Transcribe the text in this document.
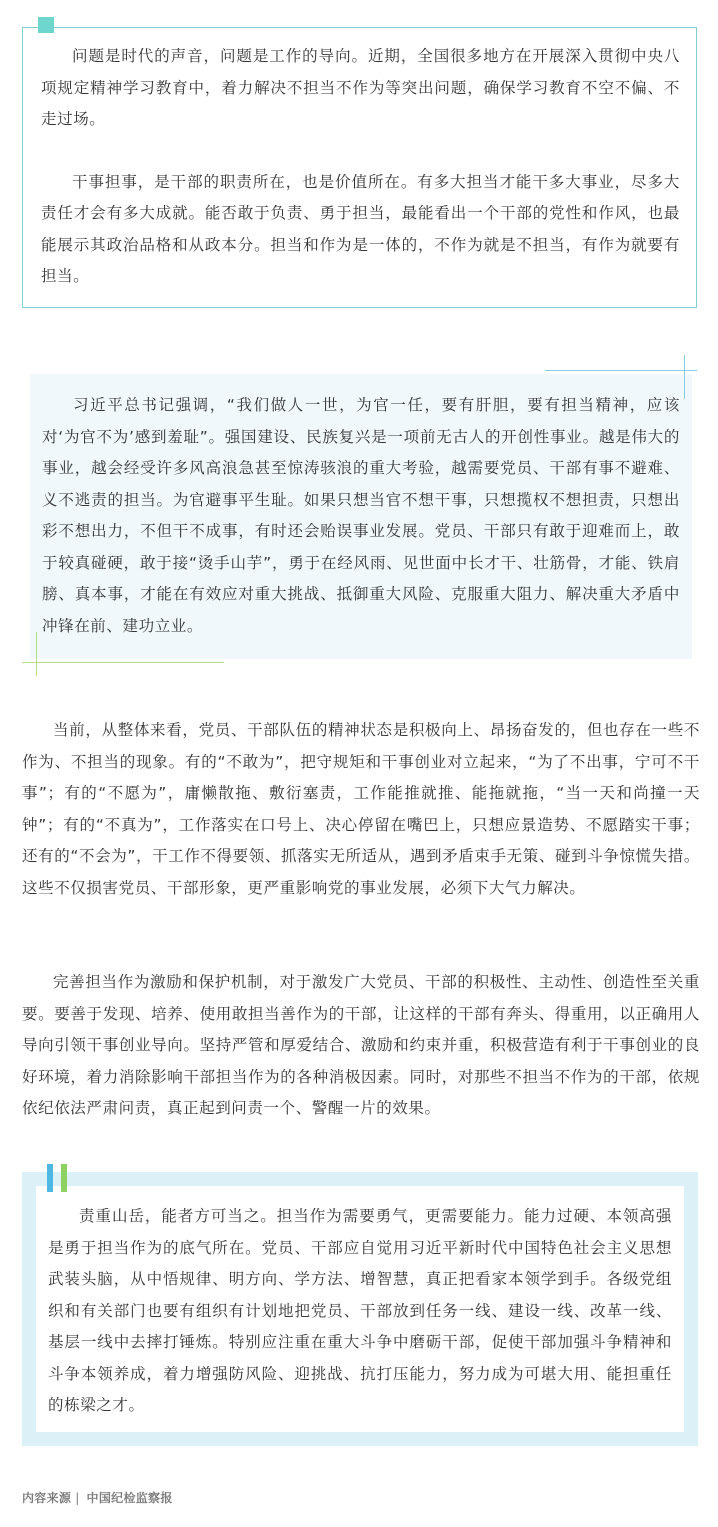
问题是时代的声音，问题是工作的导向。近期，全国很多地方在开展深入贯彻中央八项规定精神学习教育中，着力解决不担当不作为等突出问题，确保学习教育不空不偏、不走过场。

干事担事，是干部的职责所在，也是价值所在。有多大担当才能干多大事业，尽多大责任才会有多大成就。能否敢于负责、勇于担当，最能看出一个干部的党性和作风，也最能展示其政治品格和从政本分。担当和作为是一体的，不作为就是不担当，有作为就要有担当。

习近平总书记强调，“我们做人一世，为官一任，要有肝胆，要有担当精神，应该对‘为官不为’感到羞耻”。强国建设、民族复兴是一项前无古人的开创性事业。越是伟大的事业，越会经受许多风高浪急甚至惊涛骇浪的重大考验，越需要党员、干部有事不避难、义不逃责的担当。为官避事平生耻。如果只想当官不想干事，只想揽权不想担责，只想出彩不想出力，不但干不成事，有时还会贻误事业发展。党员、干部只有敢于迎难而上，敢于较真碰硬，敢于接“烫手山芋”，勇于在经风雨、见世面中长才干、壮筋骨，才能、铁肩膀、真本事，才能在有效应对重大挑战、抵御重大风险、克服重大阻力、解决重大矛盾中冲锋在前、建功立业。

当前，从整体来看，党员、干部队伍的精神状态是积极向上、昂扬奋发的，但也存在一些不作为、不担当的现象。有的“不敢为”，把守规矩和干事创业对立起来，“为了不出事，宁可不干事”；有的“不愿为”，庸懒散拖、敷衍塞责，工作能推就推、能拖就拖，“当一天和尚撞一天钟”；有的“不真为”，工作落实在口号上、决心停留在嘴巴上，只想应景造势、不愿踏实干事；还有的“不会为”，干工作不得要领、抓落实无所适从，遇到矛盾束手无策、碰到斗争惊慌失措。这些不仅损害党员、干部形象，更严重影响党的事业发展，必须下大气力解决。

完善担当作为激励和保护机制，对于激发广大党员、干部的积极性、主动性、创造性至关重要。要善于发现、培养、使用敢担当善作为的干部，让这样的干部有奔头、得重用，以正确用人导向引领干事创业导向。坚持严管和厚爱结合、激励和约束并重，积极营造有利于干事创业的良好环境，着力消除影响干部担当作为的各种消极因素。同时，对那些不担当不作为的干部，依规依纪依法严肃问责，真正起到问责一个、警醒一片的效果。

责重山岳，能者方可当之。担当作为需要勇气，更需要能力。能力过硬、本领高强是勇于担当作为的底气所在。党员、干部应自觉用习近平新时代中国特色社会主义思想武装头脑，从中悟规律、明方向、学方法、增智慧，真正把看家本领学到手。各级党组织和有关部门也要有组织有计划地把党员、干部放到任务一线、建设一线、改革一线、基层一线中去摔打锤炼。特别应注重在重大斗争中磨砺干部，促使干部加强斗争精神和斗争本领养成，着力增强防风险、迎挑战、抗打压能力，努力成为可堪大用、能担重任的栋梁之才。

内容来源 | 中国纪检监察报
